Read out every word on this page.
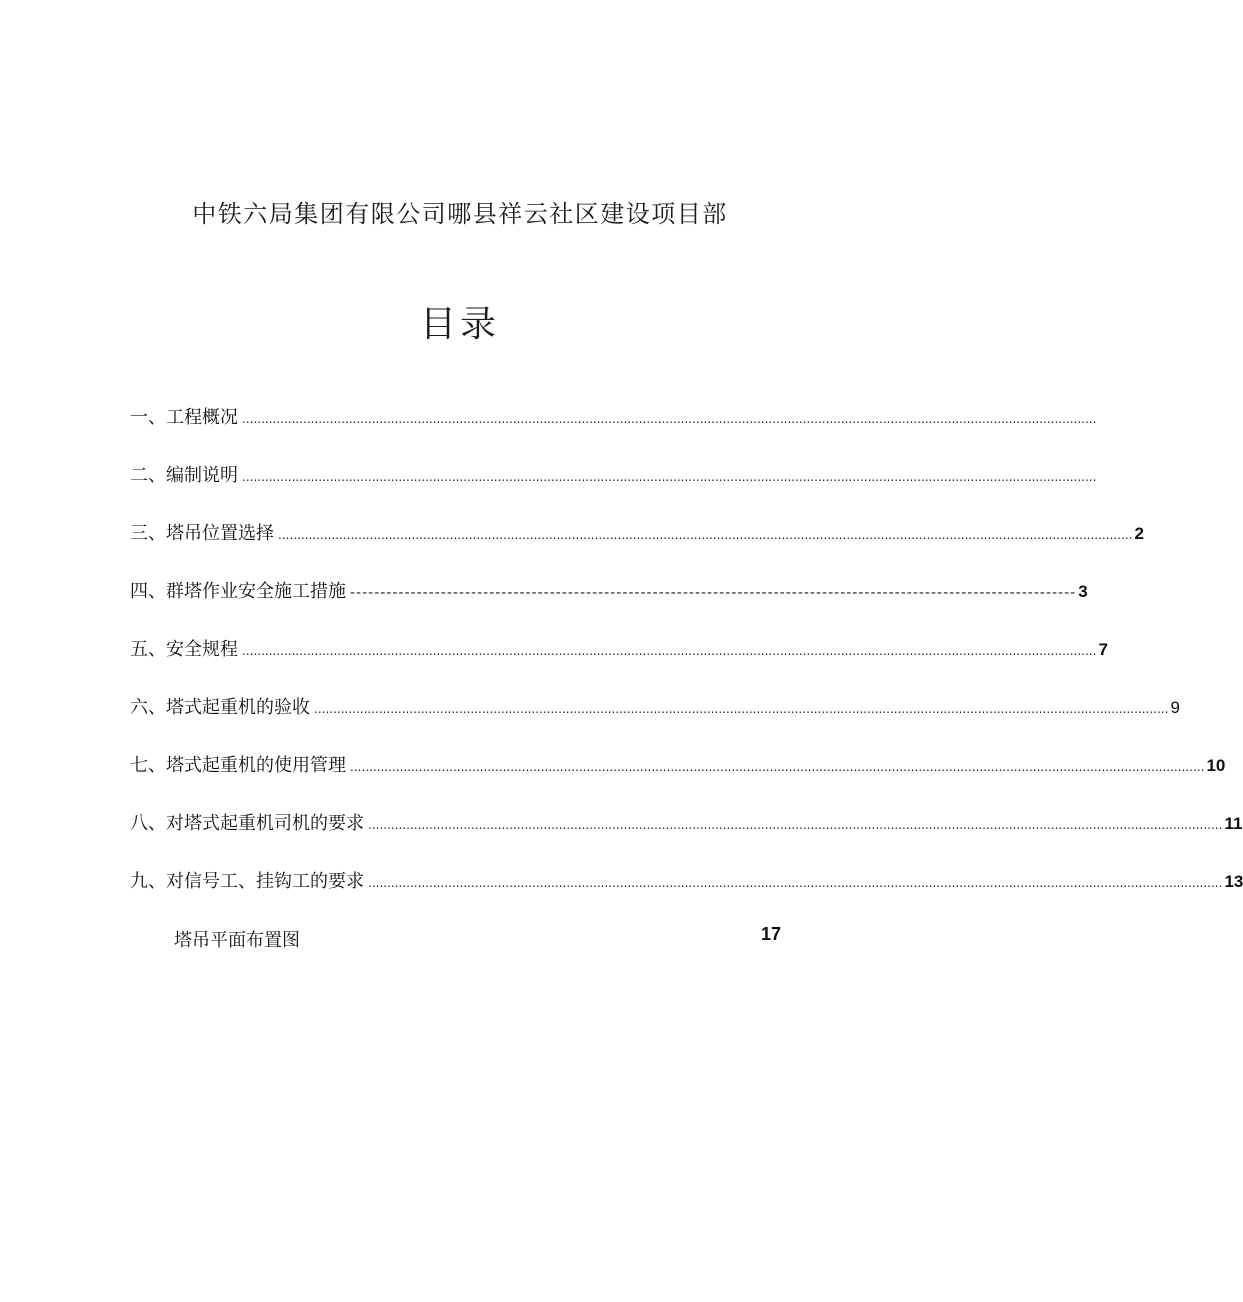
中铁六局集团有限公司哪县祥云社区建设项目部
目录
一、工程概况 ................................................................................................................................................................................................................................
二、编制说明 ................................................................................................................................................................................................................................
三、塔吊位置选择 ................................................................................................................................................................................................................................ 2
四、群塔作业安全施工措施 ------------------------------------------------------------------------------------------------------------------------ 3
五、安全规程 ................................................................................................................................................................................................................................ 7
六、塔式起重机的验收 ................................................................................................................................................................................................................................ 9
七、塔式起重机的使用管理 ................................................................................................................................................................................................................................ 10
八、对塔式起重机司机的要求 ................................................................................................................................................................................................................................ 11
九、对信号工、挂钩工的要求 ................................................................................................................................................................................................................................ 13
塔吊平面布置图	17
